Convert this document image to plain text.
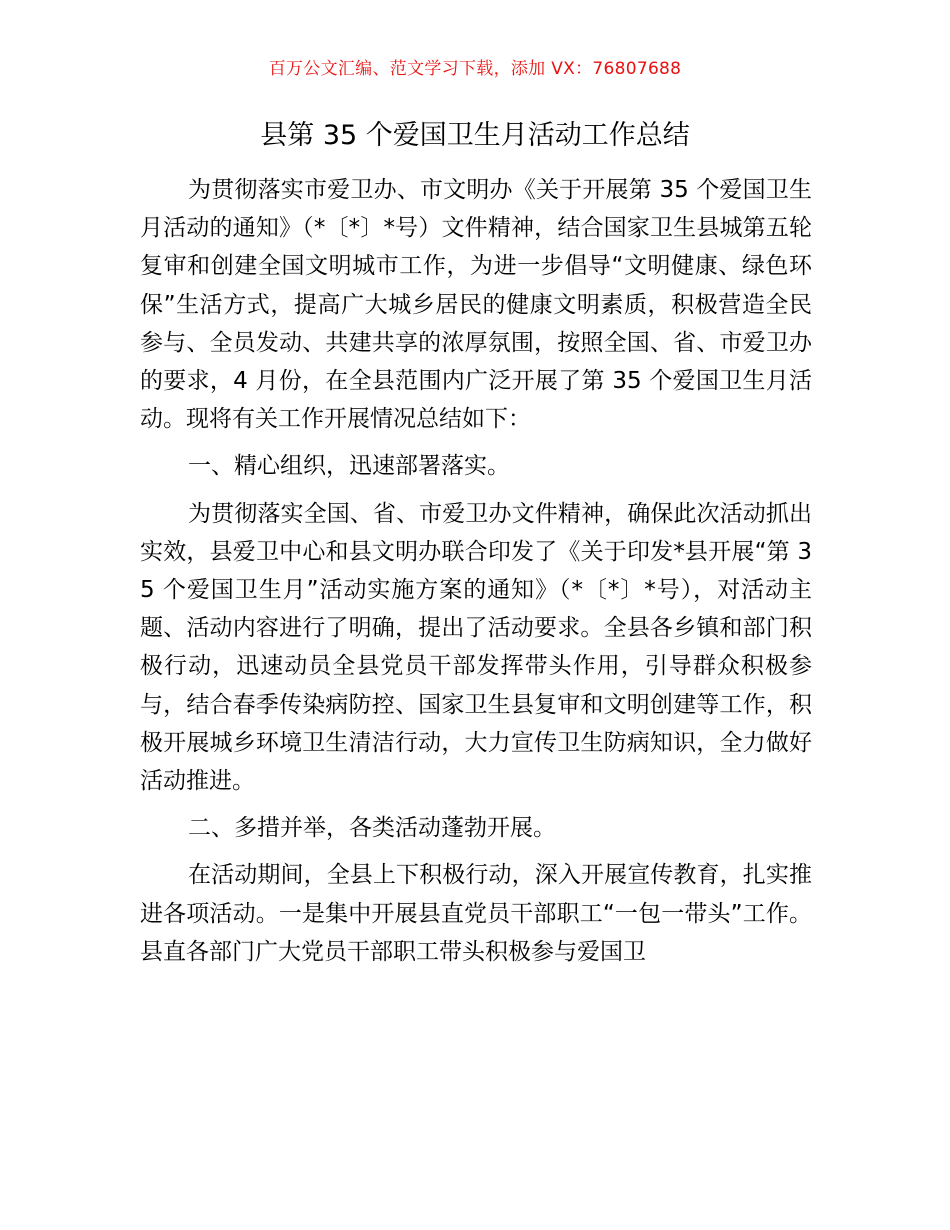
百万公文汇编、范文学习下载，添加 VX：76807688
县第 35 个爱国卫生月活动工作总结

为贯彻落实市爱卫办、市文明办《关于开展第 35 个爱国卫生月活动的通知》（*〔*〕*号）文件精神，结合国家卫生县城第五轮复审和创建全国文明城市工作，为进一步倡导“文明健康、绿色环保”生活方式，提高广大城乡居民的健康文明素质，积极营造全民参与、全员发动、共建共享的浓厚氛围，按照全国、省、市爱卫办的要求，4 月份，在全县范围内广泛开展了第 35 个爱国卫生月活动。现将有关工作开展情况总结如下：

一、精心组织，迅速部署落实。

为贯彻落实全国、省、市爱卫办文件精神，确保此次活动抓出实效，县爱卫中心和县文明办联合印发了《关于印发*县开展“第 35 个爱国卫生月”活动实施方案的通知》（*〔*〕*号），对活动主题、活动内容进行了明确，提出了活动要求。全县各乡镇和部门积极行动，迅速动员全县党员干部发挥带头作用，引导群众积极参与，结合春季传染病防控、国家卫生县复审和文明创建等工作，积极开展城乡环境卫生清洁行动，大力宣传卫生防病知识，全力做好活动推进。

二、多措并举，各类活动蓬勃开展。

在活动期间，全县上下积极行动，深入开展宣传教育，扎实推进各项活动。一是集中开展县直党员干部职工“一包一带头”工作。县直各部门广大党员干部职工带头积极参与爱国卫
